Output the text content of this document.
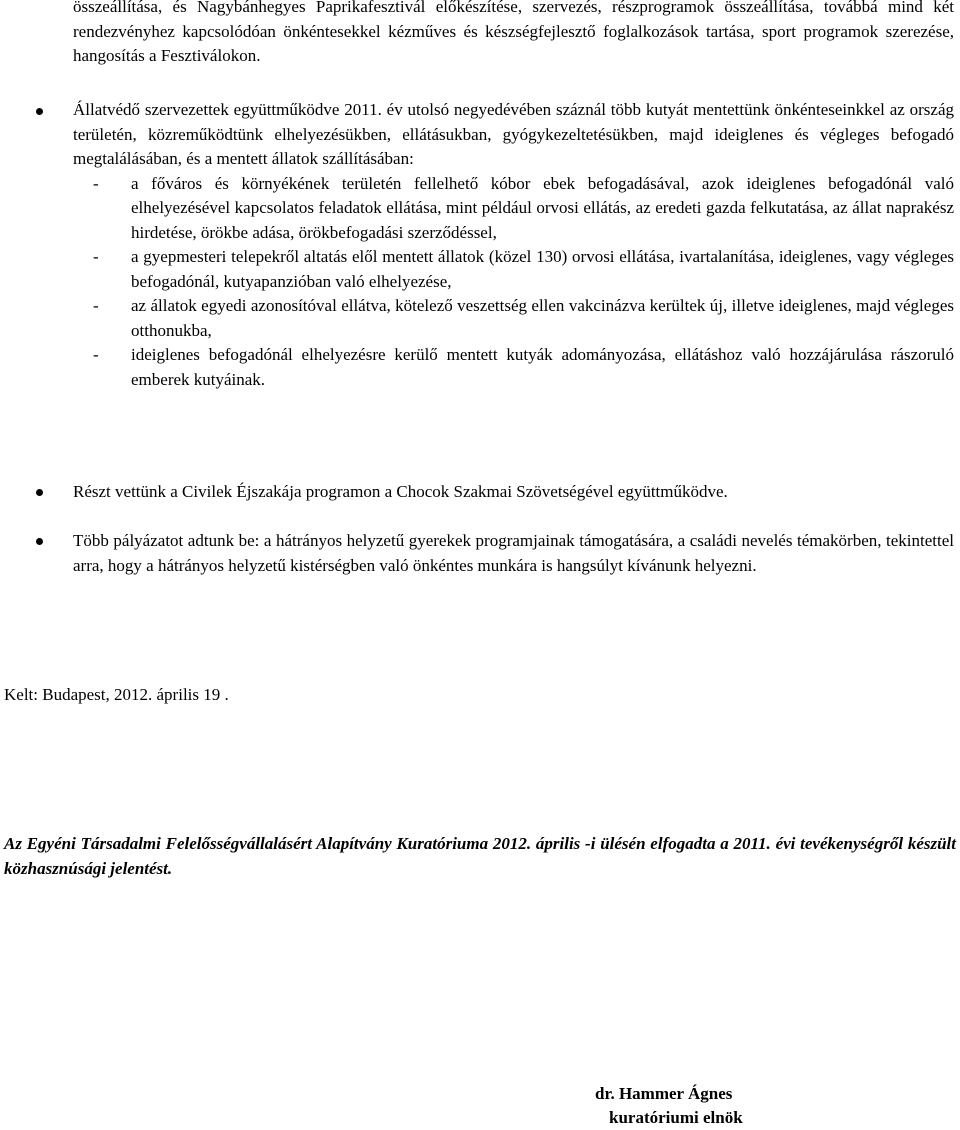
összeállítása, és Nagybánhegyes Paprikafesztivál előkészítése, szervezés, részprogramok összeállítása, továbbá mind két rendezvényhez kapcsolódóan önkéntesekkel kézműves és készségfejlesztő foglalkozások tartása, sport programok szerezése, hangosítás a Fesztiválokon.
Állatvédő szervezettek együttműködve 2011. év utolsó negyedévében száznál több kutyát mentettünk önkénteseinkkel az ország területén, közreműködtünk elhelyezésükben, ellátásukban, gyógykezeltetésükben, majd ideiglenes és végleges befogadó megtalálásában, és a mentett állatok szállításában:
- a főváros és környékének területén fellelhető kóbor ebek befogadásával, azok ideiglenes befogadónál való elhelyezésével kapcsolatos feladatok ellátása, mint például orvosi ellátás, az eredeti gazda felkutatása, az állat naprakész hirdetése, örökbe adása, örökbefogadási szerződéssel,
- a gyepmesteri telepekről altatás elől mentett állatok (közel 130) orvosi ellátása, ivartalanítása, ideiglenes, vagy végleges befogadónál, kutyapanzióban való elhelyezése,
- az állatok egyedi azonosítóval ellátva, kötelező veszettség ellen vakcinázva kerültek új, illetve ideiglenes, majd végleges otthonukba,
- ideiglenes befogadónál elhelyezésre kerülő mentett kutyák adományozása, ellátáshoz való hozzájárulása rászoruló emberek kutyáinak.
Részt vettünk a Civilek Éjszakája programon a Chocok Szakmai Szövetségével együttműködve.
Több pályázatot adtunk be: a hátrányos helyzetű gyerekek programjainak támogatására, a családi nevelés témakörben, tekintettel arra, hogy a hátrányos helyzetű kistérségben való önkéntes munkára is hangsúlyt kívánunk helyezni.
Kelt: Budapest, 2012. április 19 .
Az Egyéni Társadalmi Felelősségvállalásért Alapítvány Kuratóriuma 2012. április -i ülésén elfogadta a 2011. évi tevékenységről készült közhasznúsági jelentést.
dr. Hammer Ágnes
kuratóriumi elnök
